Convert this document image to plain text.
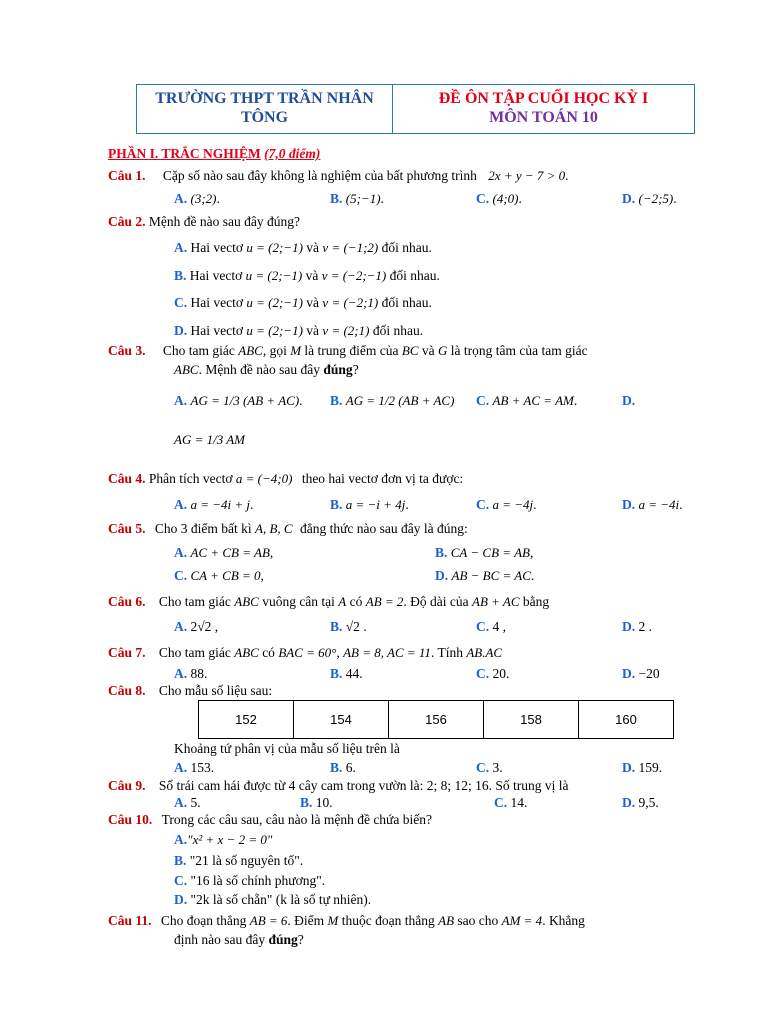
TRƯỜNG THPT TRẦN NHÂN TÔNG
ĐỀ ÔN TẬP CUỐI HỌC KỲ I
MÔN TOÁN 10
PHẦN I. TRẮC NGHIỆM (7,0 điểm)
Câu 1. Cặp số nào sau đây không là nghiệm của bất phương trình 2x + y − 7 > 0.
A. (3;2).	B. (5;−1).	C. (4;0).	D. (−2;5).
Câu 2. Mệnh đề nào sau đây đúng?
A. Hai vectơ u = (2;−1) và v = (−1;2) đối nhau.
B. Hai vectơ u = (2;−1) và v = (−2;−1) đối nhau.
C. Hai vectơ u = (2;−1) và v = (−2;1) đối nhau.
D. Hai vectơ u = (2;−1) và v = (2;1) đối nhau.
Câu 3. Cho tam giác ABC, gọi M là trung điểm của BC và G là trọng tâm của tam giác
ABC. Mệnh đề nào sau đây đúng?
A. AG = 1/3 (AB + AC). B. AG = 1/2 (AB + AC) C. AB + AC = AM.	D.
AG = 1/3 AM
Câu 4. Phân tích vectơ a = (−4;0) theo hai vectơ đơn vị ta được:
A. a = −4i + j.	B. a = −i + 4j.	C. a = −4j.	D. a = −4i.
Câu 5. Cho 3 điểm bất kì A, B, C đẳng thức nào sau đây là đúng:
A. AC + CB = AB,	B. CA − CB = AB,
C. CA + CB = 0,	D. AB − BC = AC.
Câu 6. Cho tam giác ABC vuông cân tại A có AB = 2. Độ dài của AB + AC bằng
A. 2√2 ,	B. √2 .	C. 4 ,	D. 2 .
Câu 7. Cho tam giác ABC có BAC = 60°, AB = 8, AC = 11. Tính AB.AC
A. 88.	B. 44.	C. 20.	D. −20
Câu 8. Cho mẫu số liệu sau:
152	154	156	158	160
Khoảng tứ phân vị của mẫu số liệu trên là
A. 153.	B. 6.	C. 3.	D. 159.
Câu 9. Số trái cam hái được từ 4 cây cam trong vườn là: 2; 8; 12; 16. Số trung vị là
A. 5.	B. 10.	C. 14.	D. 9,5.
Câu 10. Trong các câu sau, câu nào là mệnh đề chứa biến?
A."x² + x − 2 = 0"
B. "21 là số nguyên tố".
C. "16 là số chính phương".
D. "2k là số chẵn" (k là số tự nhiên).
Câu 11. Cho đoạn thẳng AB = 6. Điểm M thuộc đoạn thẳng AB sao cho AM = 4. Khẳng
định nào sau đây đúng?
